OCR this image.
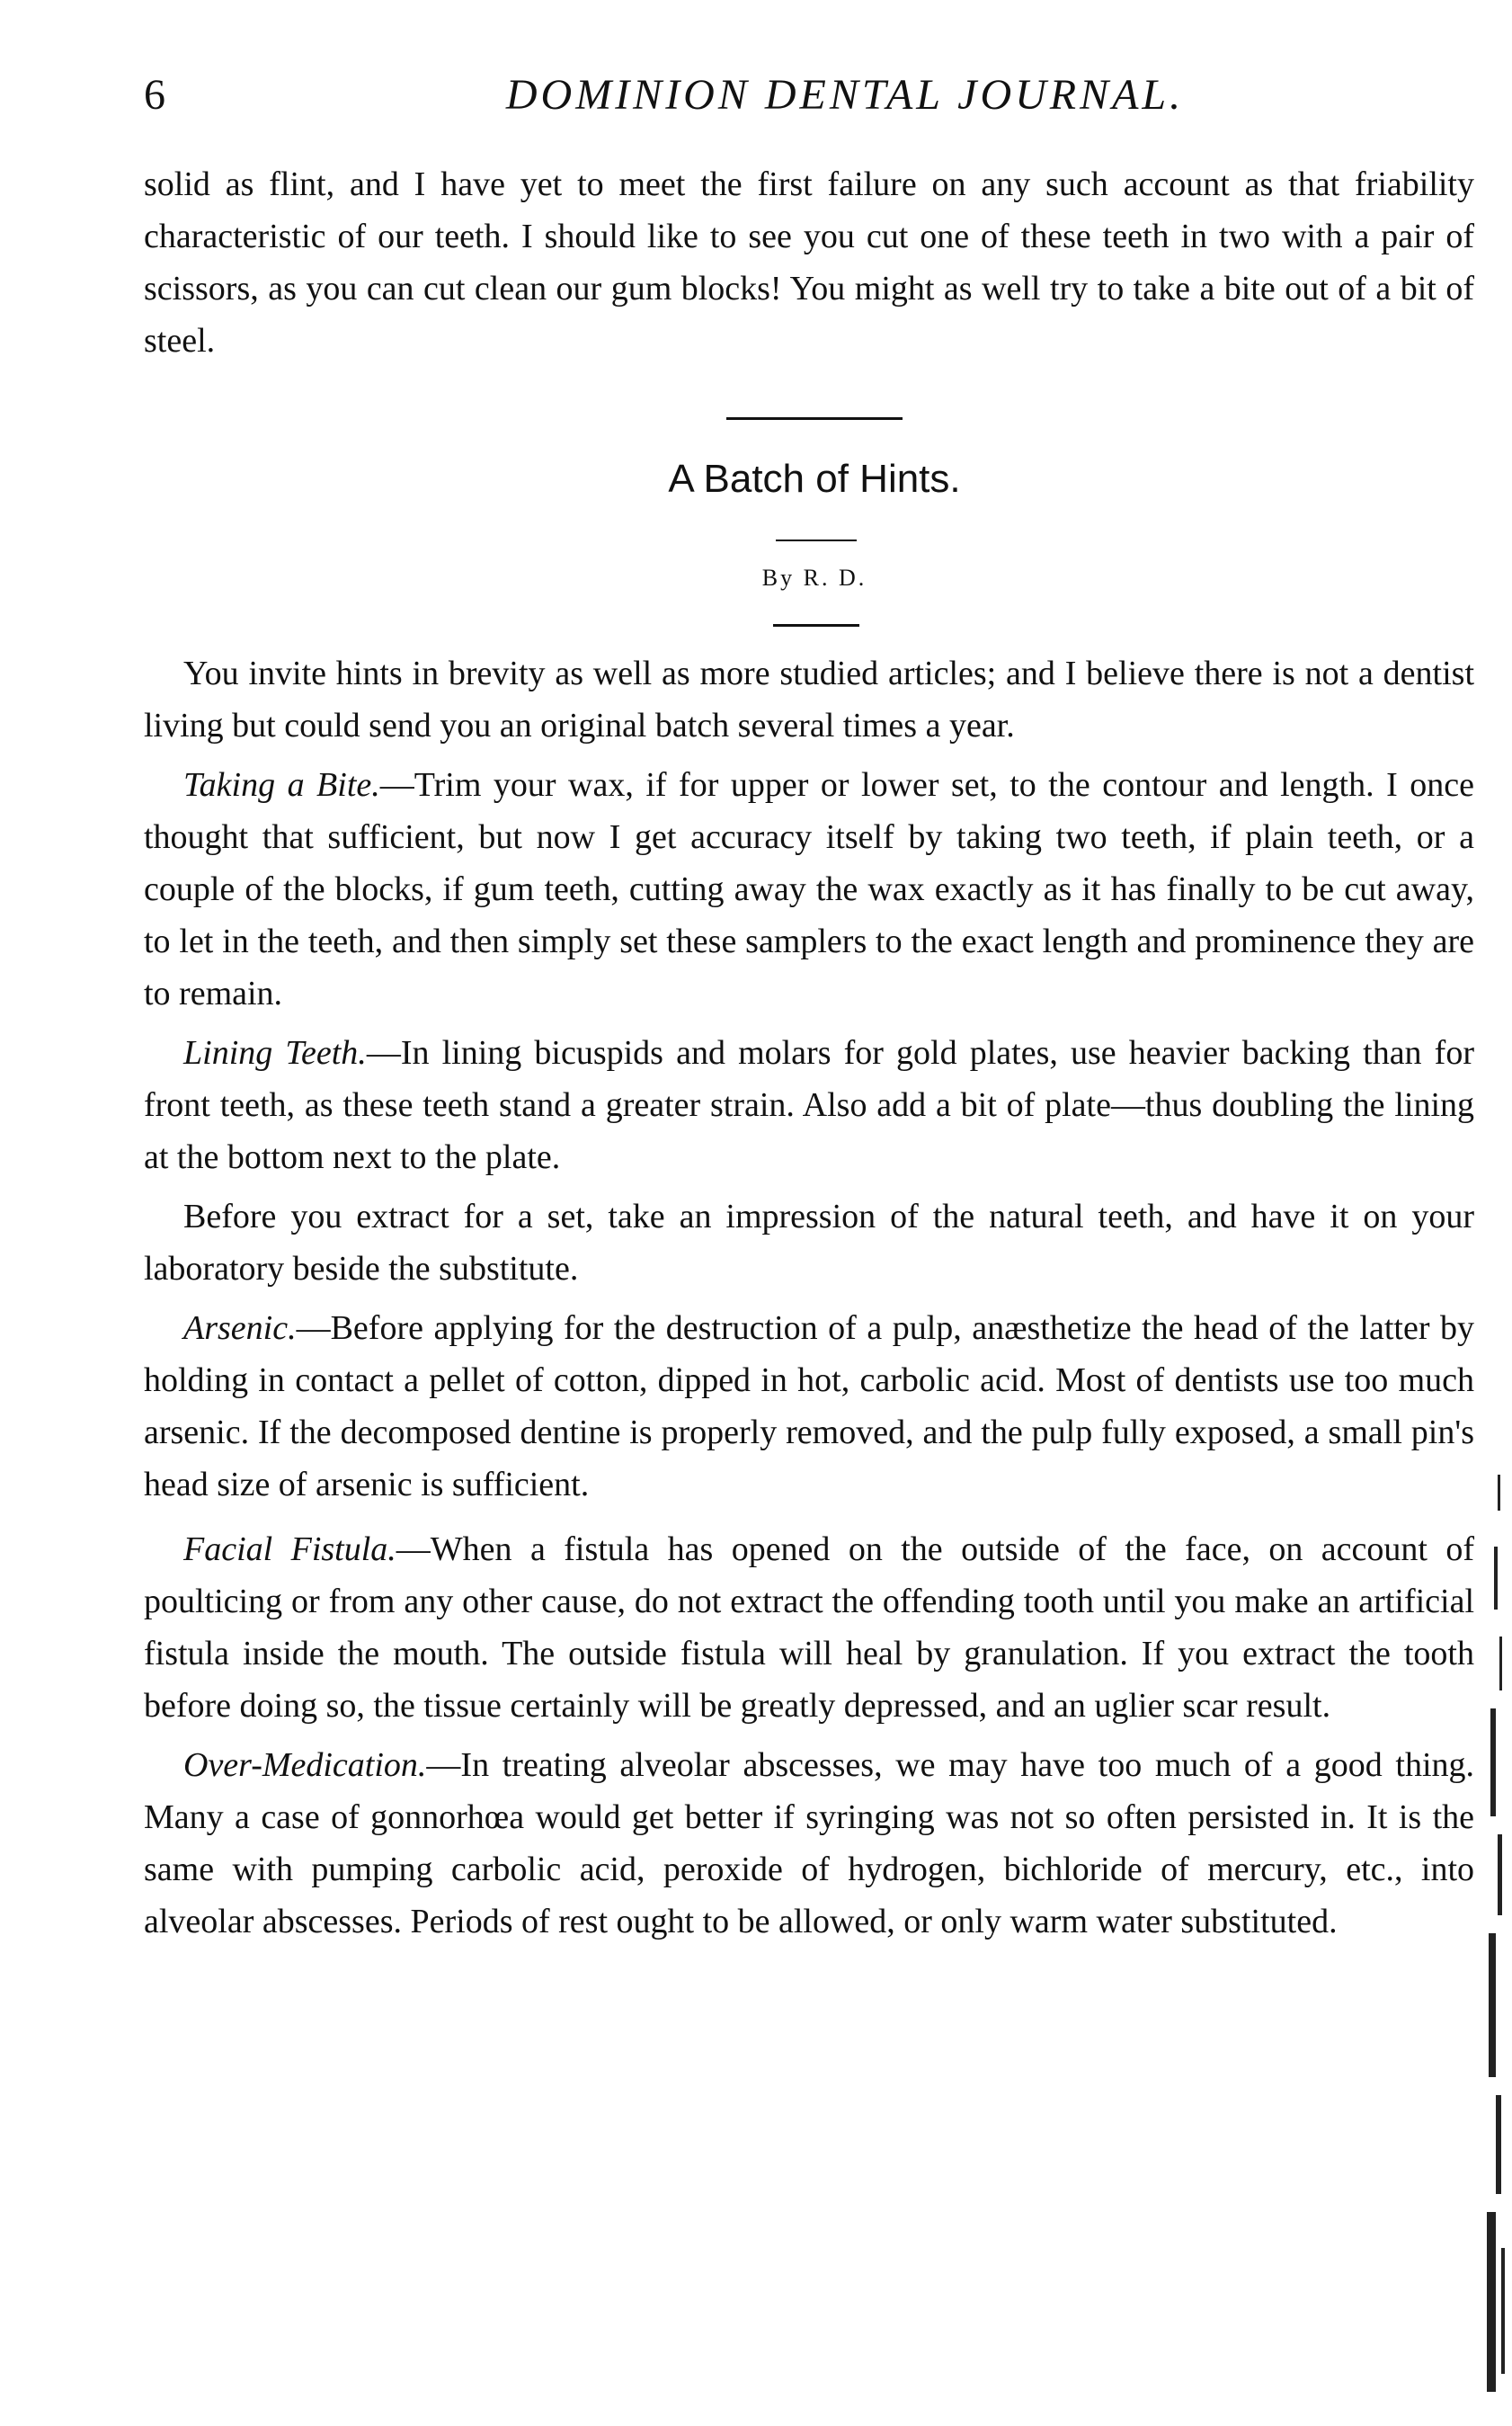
6	DOMINION DENTAL JOURNAL.

solid as flint, and I have yet to meet the first failure on any such account as that friability characteristic of our teeth. I should like to see you cut one of these teeth in two with a pair of scissors, as you can cut clean our gum blocks! You might as well try to take a bite out of a bit of steel.

A Batch of Hints.
By R. D.

You invite hints in brevity as well as more studied articles; and I believe there is not a dentist living but could send you an original batch several times a year.

Taking a Bite.—Trim your wax, if for upper or lower set, to the contour and length. I once thought that sufficient, but now I get accuracy itself by taking two teeth, if plain teeth, or a couple of the blocks, if gum teeth, cutting away the wax exactly as it has finally to be cut away, to let in the teeth, and then simply set these samplers to the exact length and prominence they are to remain.

Lining Teeth.—In lining bicuspids and molars for gold plates, use heavier backing than for front teeth, as these teeth stand a greater strain. Also add a bit of plate—thus doubling the lining at the bottom next to the plate.

Before you extract for a set, take an impression of the natural teeth, and have it on your laboratory beside the substitute.

Arsenic.—Before applying for the destruction of a pulp, anæsthetize the head of the latter by holding in contact a pellet of cotton, dipped in hot, carbolic acid. Most of dentists use too much arsenic. If the decomposed dentine is properly removed, and the pulp fully exposed, a small pin's head size of arsenic is sufficient.

Facial Fistula.—When a fistula has opened on the outside of the face, on account of poulticing or from any other cause, do not extract the offending tooth until you make an artificial fistula inside the mouth. The outside fistula will heal by granulation. If you extract the tooth before doing so, the tissue certainly will be greatly depressed, and an uglier scar result.

Over-Medication.—In treating alveolar abscesses, we may have too much of a good thing. Many a case of gonnorhœa would get better if syringing was not so often persisted in. It is the same with pumping carbolic acid, peroxide of hydrogen, bichloride of mercury, etc., into alveolar abscesses. Periods of rest ought to be allowed, or only warm water substituted.
